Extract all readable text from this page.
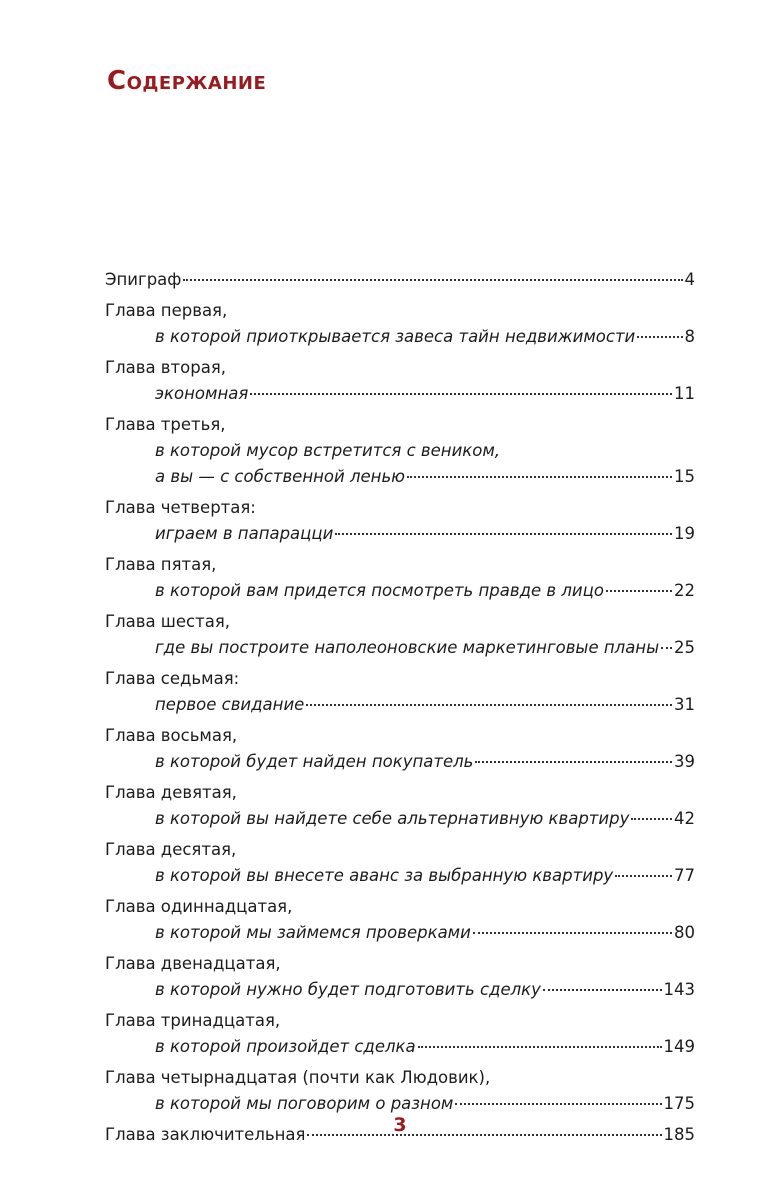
Содержание
Эпиграф	4
Глава первая,
в которой приоткрывается завеса тайн недвижимости	8
Глава вторая,
экономная	11
Глава третья,
в которой мусор встретится с веником,
а вы — с собственной ленью	15
Глава четвертая:
играем в папарацци	19
Глава пятая,
в которой вам придется посмотреть правде в лицо	22
Глава шестая,
где вы построите наполеоновские маркетинговые планы 25
Глава седьмая:
первое свидание	31
Глава восьмая,
в которой будет найден покупатель	39
Глава девятая,
в которой вы найдете себе альтернативную квартиру	42
Глава десятая,
в которой вы внесете аванс за выбранную квартиру	77
Глава одиннадцатая,
в которой мы займемся проверками	80
Глава двенадцатая,
в которой нужно будет подготовить сделку	143
Глава тринадцатая,
в которой произойдет сделка	149
Глава четырнадцатая (почти как Людовик),
в которой мы поговорим о разном	175
Глава заключительная	185
3
